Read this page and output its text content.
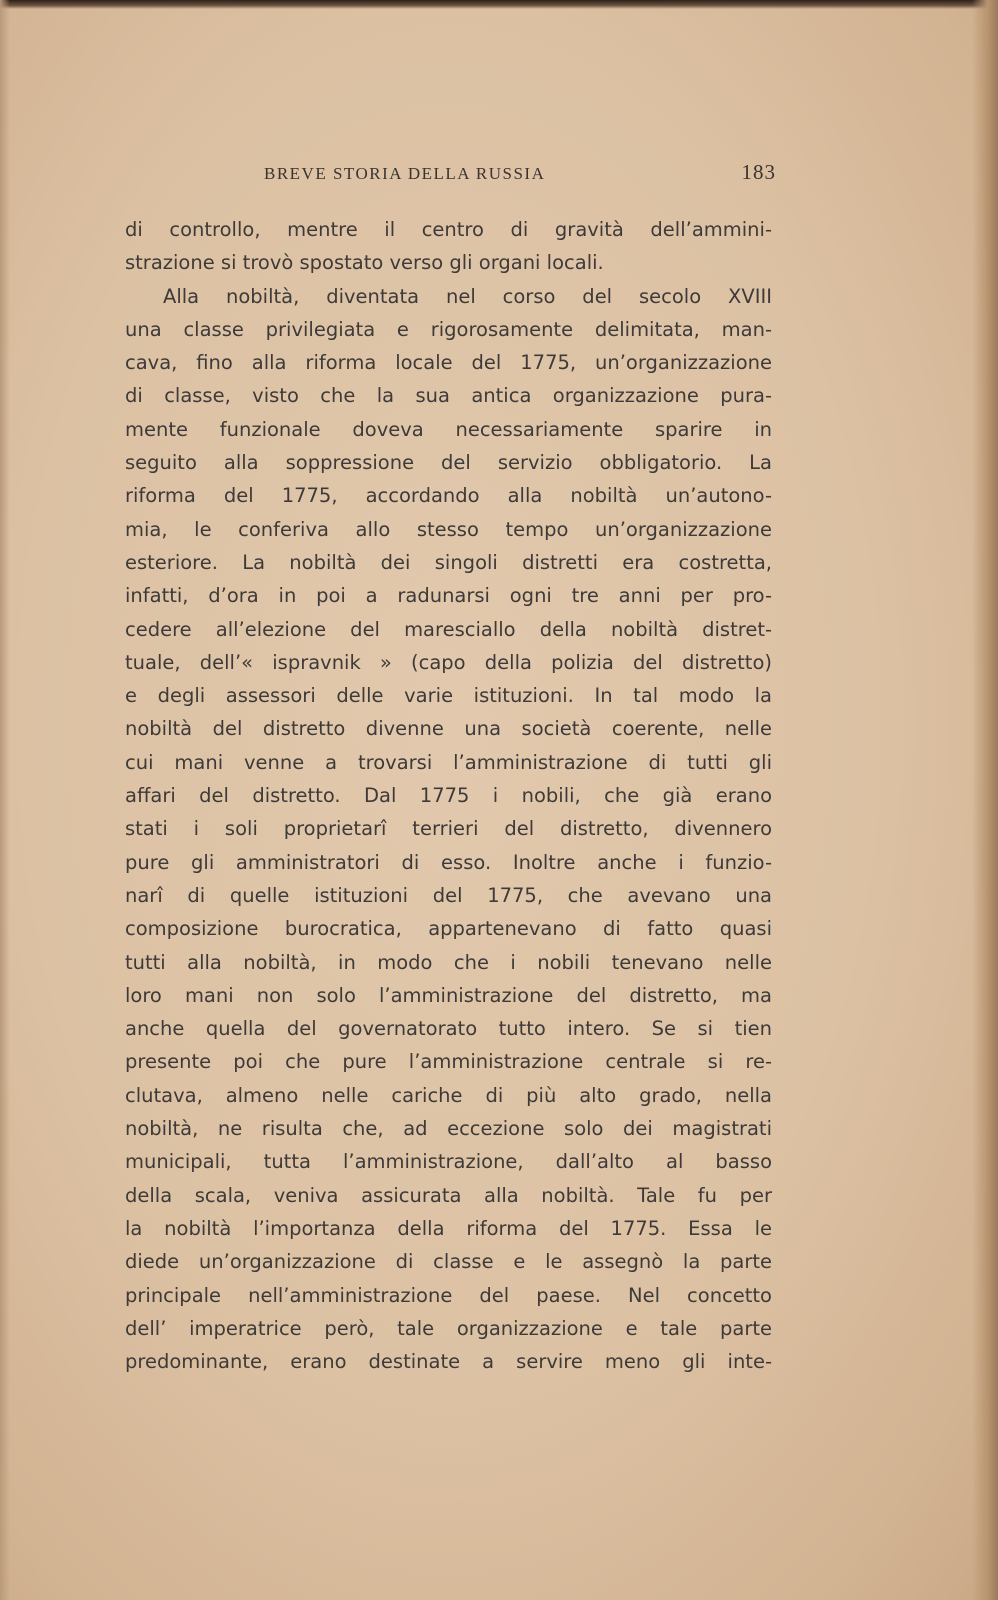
BREVE STORIA DELLA RUSSIA	183
di controllo, mentre il centro di gravità dell’ammini-
strazione si trovò spostato verso gli organi locali.
Alla nobiltà, diventata nel corso del secolo XVIII
una classe privilegiata e rigorosamente delimitata, man-
cava, fino alla riforma locale del 1775, un’organizzazione
di classe, visto che la sua antica organizzazione pura-
mente funzionale doveva necessariamente sparire in
seguito alla soppressione del servizio obbligatorio. La
riforma del 1775, accordando alla nobiltà un’autono-
mia, le conferiva allo stesso tempo un’organizzazione
esteriore. La nobiltà dei singoli distretti era costretta,
infatti, d’ora in poi a radunarsi ogni tre anni per pro-
cedere all’elezione del maresciallo della nobiltà distret-
tuale, dell’« ispravnik » (capo della polizia del distretto)
e degli assessori delle varie istituzioni. In tal modo la
nobiltà del distretto divenne una società coerente, nelle
cui mani venne a trovarsi l’amministrazione di tutti gli
affari del distretto. Dal 1775 i nobili, che già erano
stati i soli proprietarî terrieri del distretto, divennero
pure gli amministratori di esso. Inoltre anche i funzio-
narî di quelle istituzioni del 1775, che avevano una
composizione burocratica, appartenevano di fatto quasi
tutti alla nobiltà, in modo che i nobili tenevano nelle
loro mani non solo l’amministrazione del distretto, ma
anche quella del governatorato tutto intero. Se si tien
presente poi che pure l’amministrazione centrale si re-
clutava, almeno nelle cariche di più alto grado, nella
nobiltà, ne risulta che, ad eccezione solo dei magistrati
municipali, tutta l’amministrazione, dall’alto al basso
della scala, veniva assicurata alla nobiltà. Tale fu per
la nobiltà l’importanza della riforma del 1775. Essa le
diede un’organizzazione di classe e le assegnò la parte
principale nell’amministrazione del paese. Nel concetto
dell’ imperatrice però, tale organizzazione e tale parte
predominante, erano destinate a servire meno gli inte-
